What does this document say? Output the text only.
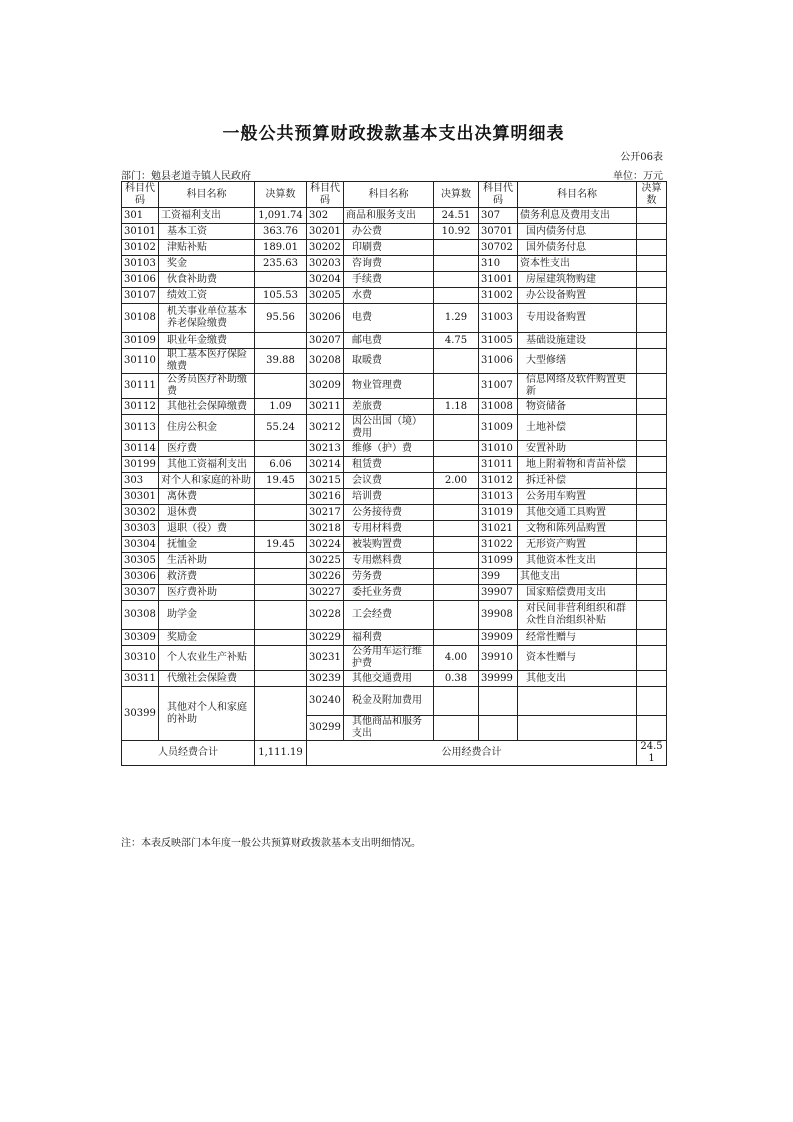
一般公共预算财政拨款基本支出决算明细表
公开06表
部门：勉县老道寺镇人民政府	单位：万元
科目代码	科目名称	决算数	科目代码	科目名称	决算数	科目代码	科目名称	决算数
301	工资福利支出	1,091.74	302	商品和服务支出	24.51	307	债务利息及费用支出	
30101	基本工资	363.76	30201	办公费	10.92	30701	国内债务付息	
30102	津贴补贴	189.01	30202	印刷费		30702	国外债务付息	
30103	奖金	235.63	30203	咨询费		310	资本性支出	
30106	伙食补助费		30204	手续费		31001	房屋建筑物购建	
30107	绩效工资	105.53	30205	水费		31002	办公设备购置	
30108	机关事业单位基本养老保险缴费	95.56	30206	电费	1.29	31003	专用设备购置	
30109	职业年金缴费		30207	邮电费	4.75	31005	基础设施建设	
30110	职工基本医疗保险缴费	39.88	30208	取暖费		31006	大型修缮	
30111	公务员医疗补助缴费		30209	物业管理费		31007	信息网络及软件购置更新	
30112	其他社会保障缴费	1.09	30211	差旅费	1.18	31008	物资储备	
30113	住房公积金	55.24	30212	因公出国（境）费用		31009	土地补偿	
30114	医疗费		30213	维修（护）费		31010	安置补助	
30199	其他工资福利支出	6.06	30214	租赁费		31011	地上附着物和青苗补偿	
303	对个人和家庭的补助	19.45	30215	会议费	2.00	31012	拆迁补偿	
30301	离休费		30216	培训费		31013	公务用车购置	
30302	退休费		30217	公务接待费		31019	其他交通工具购置	
30303	退职（役）费		30218	专用材料费		31021	文物和陈列品购置	
30304	抚恤金	19.45	30224	被装购置费		31022	无形资产购置	
30305	生活补助		30225	专用燃料费		31099	其他资本性支出	
30306	救济费		30226	劳务费		399	其他支出	
30307	医疗费补助		30227	委托业务费		39907	国家赔偿费用支出	
30308	助学金		30228	工会经费		39908	对民间非营利组织和群众性自治组织补贴	
30309	奖励金		30229	福利费		39909	经常性赠与	
30310	个人农业生产补贴		30231	公务用车运行维护费	4.00	39910	资本性赠与	
30311	代缴社会保险费		30239	其他交通费用	0.38	39999	其他支出	
30399	其他对个人和家庭的补助		30240	税金及附加费用				
			30299	其他商品和服务支出				
人员经费合计		1,111.19	公用经费合计					24.51
注：本表反映部门本年度一般公共预算财政拨款基本支出明细情况。
